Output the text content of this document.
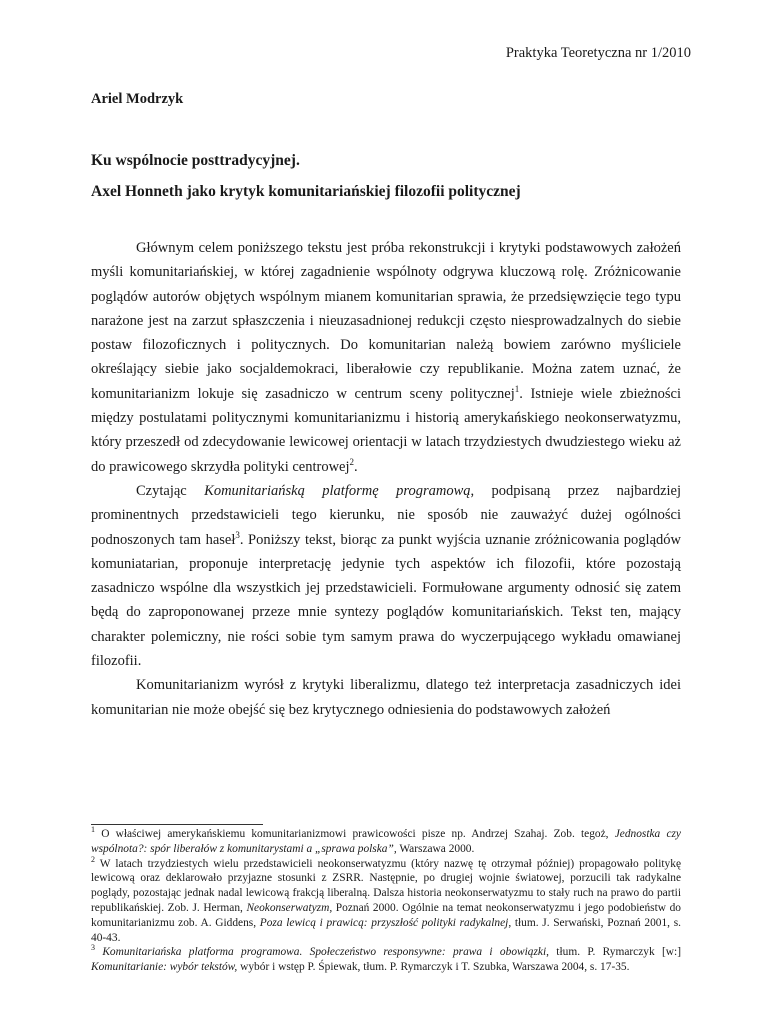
Praktyka Teoretyczna nr 1/2010
Ariel Modrzyk
Ku wspólnocie posttradycyjnej.
Axel Honneth jako krytyk komunitariańskiej filozofii politycznej

Głównym celem poniższego tekstu jest próba rekonstrukcji i krytyki podstawowych założeń myśli komunitariańskiej, w której zagadnienie wspólnoty odgrywa kluczową rolę. Zróżnicowanie poglądów autorów objętych wspólnym mianem komunitarian sprawia, że przedsięwzięcie tego typu narażone jest na zarzut spłaszczenia i nieuzasadnionej redukcji często niesprowadzalnych do siebie postaw filozoficznych i politycznych. Do komunitarian należą bowiem zarówno myśliciele określający siebie jako socjaldemokraci, liberałowie czy republikanie. Można zatem uznać, że komunitarianizm lokuje się zasadniczo w centrum sceny politycznej$^1$. Istnieje wiele zbieżności między postulatami politycznymi komunitarianizmu i historią amerykańskiego neokonserwatyzmu, który przeszedł od zdecydowanie lewicowej orientacji w latach trzydziestych dwudziestego wieku aż do prawicowego skrzydła polityki centrowej$^2$.

Czytając Komunitariańską platformę programową, podpisaną przez najbardziej prominentnych przedstawicieli tego kierunku, nie sposób nie zauważyć dużej ogólności podnoszonych tam haseł$^3$. Poniższy tekst, biorąc za punkt wyjścia uznanie zróżnicowania poglądów komuniatarian, proponuje interpretację jedynie tych aspektów ich filozofii, które pozostają zasadniczo wspólne dla wszystkich jej przedstawicieli. Formułowane argumenty odnosić się zatem będą do zaproponowanej przeze mnie syntezy poglądów komunitariańskich. Tekst ten, mający charakter polemiczny, nie rości sobie tym samym prawa do wyczerpującego wykładu omawianej filozofii.

Komunitarianizm wyrósł z krytyki liberalizmu, dlatego też interpretacja zasadniczych idei komunitarian nie może obejść się bez krytycznego odniesienia do podstawowych założeń

$^1$ O właściwej amerykańskiemu komunitarianizmowi prawicowości pisze np. Andrzej Szahaj. Zob. tegoż, Jednostka czy wspólnota?: spór liberałów z komunitarystami a „sprawa polska”, Warszawa 2000.

$^2$ W latach trzydziestych wielu przedstawicieli neokonserwatyzmu (który nazwę tę otrzymał później) propagowało politykę lewicową oraz deklarowało przyjazne stosunki z ZSRR. Następnie, po drugiej wojnie światowej, porzucili tak radykalne poglądy, pozostając jednak nadal lewicową frakcją liberalną. Dalsza historia neokonserwatyzmu to stały ruch na prawo do partii republikańskiej. Zob. J. Herman, Neokonserwatyzm, Poznań 2000. Ogólnie na temat neokonserwatyzmu i jego podobieństw do komunitarianizmu zob. A. Giddens, Poza lewicą i prawicą: przyszłość polityki radykalnej, tłum. J. Serwański, Poznań 2001, s. 40-43.

$^3$ Komunitariańska platforma programowa. Społeczeństwo responsywne: prawa i obowiązki, tłum. P. Rymarczyk [w:] Komunitarianie: wybór tekstów, wybór i wstęp P. Śpiewak, tłum. P. Rymarczyk i T. Szubka, Warszawa 2004, s. 17-35.
